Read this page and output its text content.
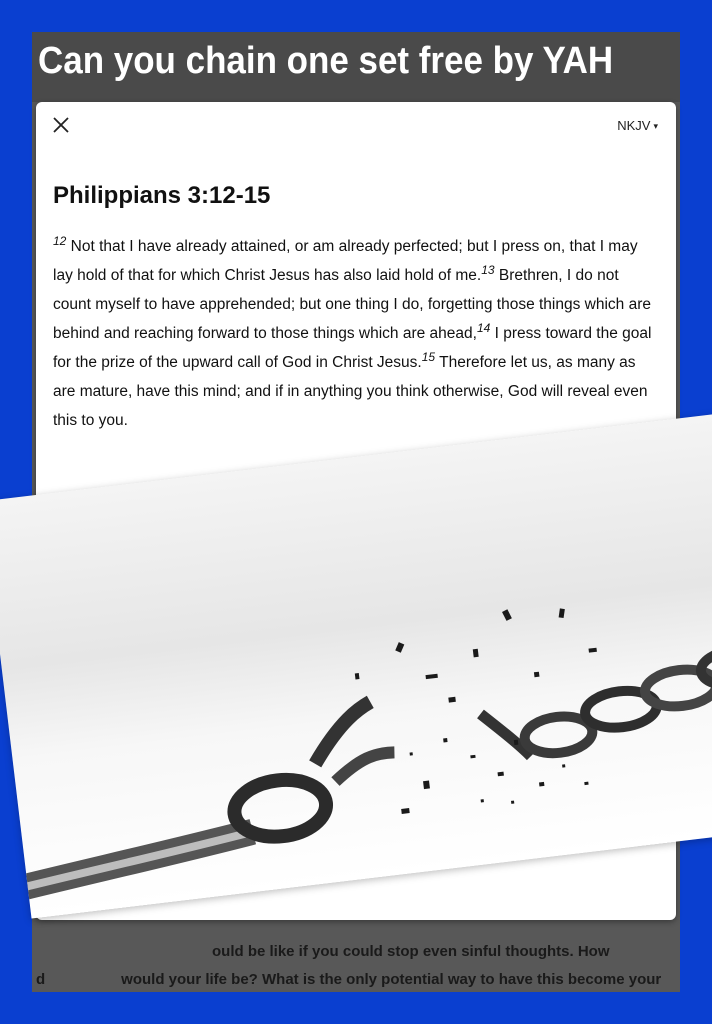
Can you chain one set free by YAH
ould be like if you could stop even sinful thoughts. How
d	would your life be? What is the only potential way to have this become your
NKJV ▾
Philippians 3:12-15
$^{12}$ Not that I have already attained, or am already perfected; but I press on, that I may lay hold of that for which Christ Jesus has also laid hold of me.$^{13}$ Brethren, I do not count myself to have apprehended; but one thing I do, forgetting those things which are behind and reaching forward to those things which are ahead,$^{14}$ I press toward the goal for the prize of the upward call of God in Christ Jesus.$^{15}$ Therefore let us, as many as are mature, have this mind; and if in anything you think otherwise, God will reveal even this to you.
